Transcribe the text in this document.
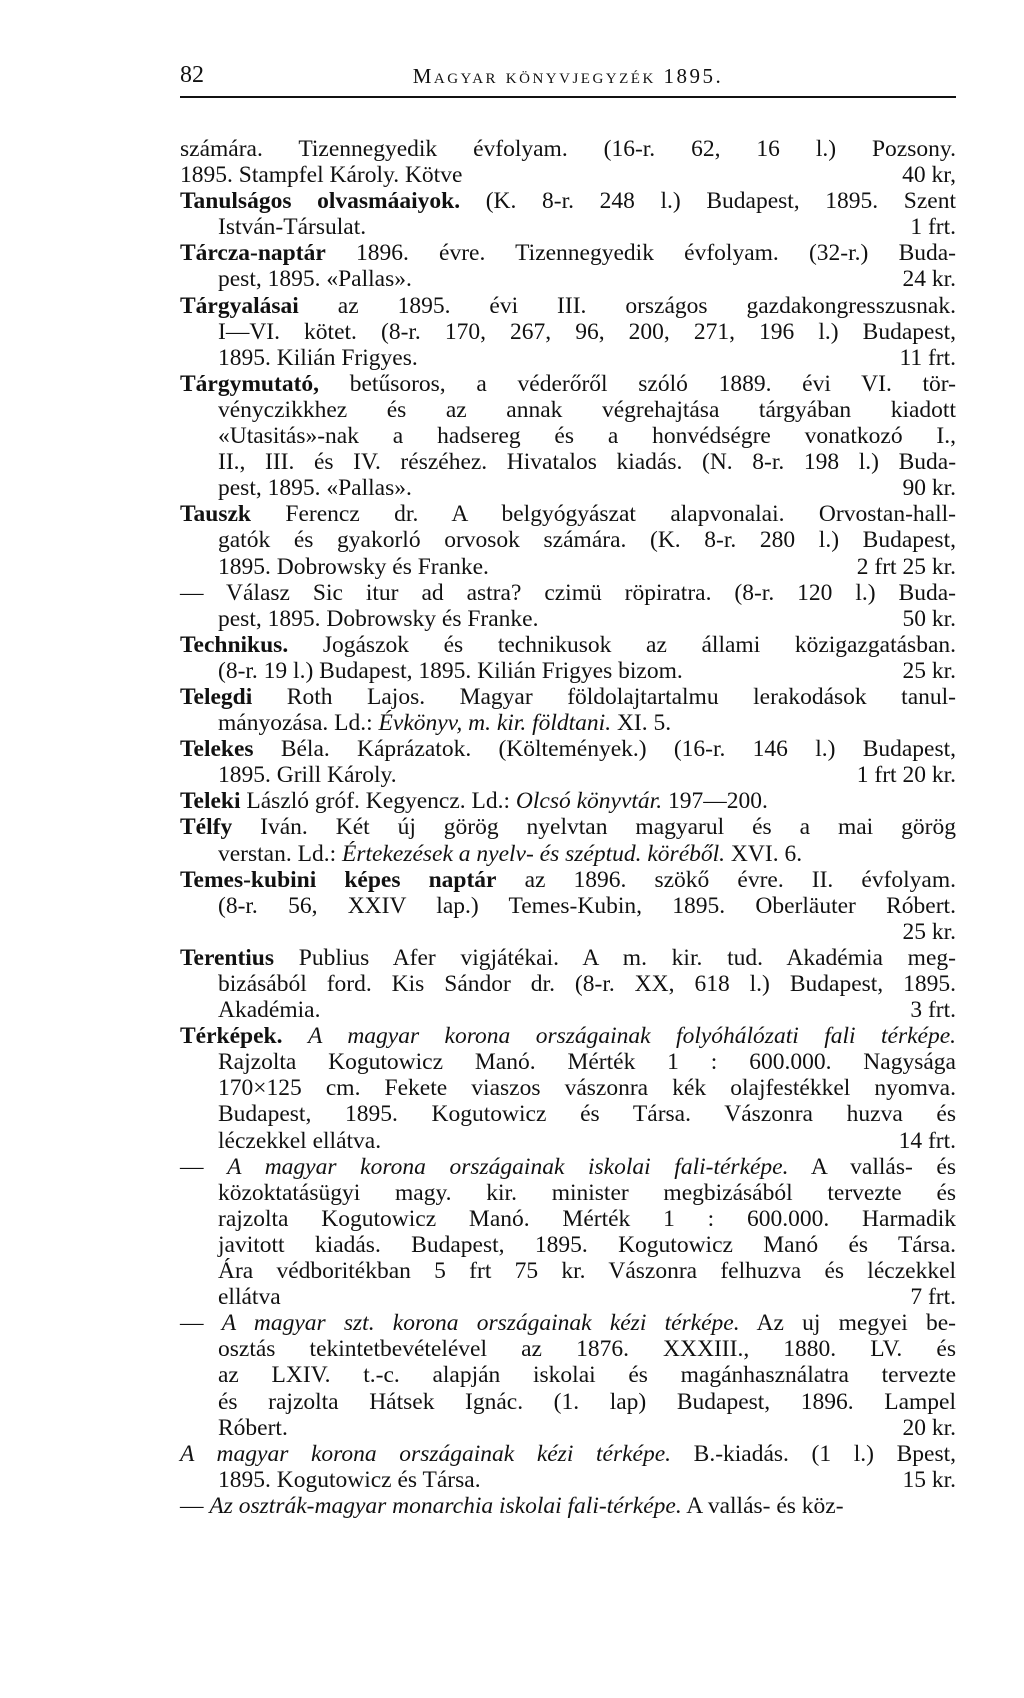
82	Magyar könyvjegyzék 1895.
számára. Tizennegyedik évfolyam. (16-r. 62, 16 l.) Pozsony.
1895. Stampfel Károly. Kötve	40 kr,
Tanulságos olvasmáaiyok. (K. 8-r. 248 l.) Budapest, 1895. Szent
István-Társulat.	1 frt.
Tárcza-naptár 1896. évre. Tizennegyedik évfolyam. (32-r.) Buda-
pest, 1895. «Pallas».	24 kr.
Tárgyalásai az 1895. évi III. országos gazdakongresszusnak.
I—VI. kötet. (8-r. 170, 267, 96, 200, 271, 196 l.) Budapest,
1895. Kilián Frigyes.	11 frt.
Tárgymutató, betűsoros, a véderőről szóló 1889. évi VI. tör-
vényczikkhez és az annak végrehajtása tárgyában kiadott
«Utasitás»-nak a hadsereg és a honvédségre vonatkozó I.,
II., III. és IV. részéhez. Hivatalos kiadás. (N. 8-r. 198 l.) Buda-
pest, 1895. «Pallas».	90 kr.
Tauszk Ferencz dr. A belgyógyászat alapvonalai. Orvostan-hall-
gatók és gyakorló orvosok számára. (K. 8-r. 280 l.) Budapest,
1895. Dobrowsky és Franke.	2 frt 25 kr.
— Válasz Sic itur ad astra? czimü röpiratra. (8-r. 120 l.) Buda-
pest, 1895. Dobrowsky és Franke.	50 kr.
Technikus. Jogászok és technikusok az állami közigazgatásban.
(8-r. 19 l.) Budapest, 1895. Kilián Frigyes bizom.	25 kr.
Telegdi Roth Lajos. Magyar földolajtartalmu lerakodások tanul-
mányozása. Ld.: Évkönyv, m. kir. földtani. XI. 5.
Telekes Béla. Káprázatok. (Költemények.) (16-r. 146 l.) Budapest,
1895. Grill Károly.	1 frt 20 kr.
Teleki László gróf. Kegyencz. Ld.: Olcsó könyvtár. 197—200.
Télfy Iván. Két új görög nyelvtan magyarul és a mai görög
verstan. Ld.: Értekezések a nyelv- és széptud. köréből. XVI. 6.
Temes-kubini képes naptár az 1896. szökő évre. II. évfolyam.
(8-r. 56, XXIV lap.) Temes-Kubin, 1895. Oberläuter Róbert.
25 kr.
Terentius Publius Afer vigjátékai. A m. kir. tud. Akadémia meg-
bizásából ford. Kis Sándor dr. (8-r. XX, 618 l.) Budapest, 1895.
Akadémia.	3 frt.
Térképek. A magyar korona országainak folyóhálózati fali térképe.
Rajzolta Kogutowicz Manó. Mérték 1 : 600.000. Nagysága
170×125 cm. Fekete viaszos vászonra kék olajfestékkel nyomva.
Budapest, 1895. Kogutowicz és Társa. Vászonra huzva és
léczekkel ellátva.	14 frt.
— A magyar korona országainak iskolai fali-térképe. A vallás- és
közoktatásügyi magy. kir. minister megbizásából tervezte és
rajzolta Kogutowicz Manó. Mérték 1 : 600.000. Harmadik
javitott kiadás. Budapest, 1895. Kogutowicz Manó és Társa.
Ára védboritékban 5 frt 75 kr. Vászonra felhuzva és léczekkel
ellátva	7 frt.
— A magyar szt. korona országainak kézi térképe. Az uj megyei be-
osztás tekintetbevételével az 1876. XXXIII., 1880. LV. és
az LXIV. t.-c. alapján iskolai és magánhasználatra tervezte
és rajzolta Hátsek Ignác. (1. lap) Budapest, 1896. Lampel
Róbert.	20 kr.
A magyar korona országainak kézi térképe. B.-kiadás. (1 l.) Bpest,
1895. Kogutowicz és Társa.	15 kr.
— Az osztrák-magyar monarchia iskolai fali-térképe. A vallás- és köz-
